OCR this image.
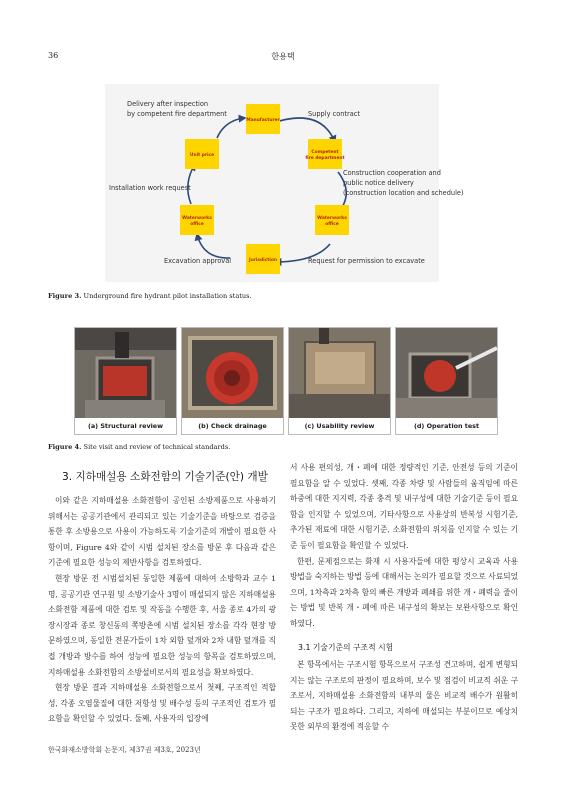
36	한용택
Manufacturer
Unit price
Competent
fire department
Waterworks
office
Waterworks
office
Jurisdiction
Delivery after inspection
by competent fire department	Supply contract
Construction cooperation and
public notice delivery
(construction location and schedule)
Installation work request
Excavation approval	Request for permission to excavate
Figure 3. Underground fire hydrant pilot installation status.
(a) Structural review	(b) Check drainage	(c) Usability review	(d) Operation test
Figure 4. Site visit and review of technical standards.
3. 지하매설용 소화전함의 기술기준(안) 개발

이와 같은 지하매설용 소화전함이 공인된 소방제품으로 사용하기 위해서는 공공기관에서 관리되고 있는 기술기준을 바탕으로 검증을 통한 후 소방용으로 사용이 가능하도록 기술기준의 개발이 필요한 사항이며, Figure 4와 같이 시범 설치된 장소를 방문 후 다음과 같은 기준에 필요한 성능의 제반사항을 검토하였다.

현장 방문 전 시범설치된 동일한 제품에 대하여 소방학과 교수 1명, 공공기관 연구원 및 소방기술사 3명이 매설되지 않은 지하매설용 소화전함 제품에 대한 검토 및 작동을 수행한 후, 서울 종로 4가의 광장시장과 종로 창신동의 쪽방촌에 시범 설치된 장소를 각각 현장 방문하였으며, 동일한 전문가들이 1차 외함 덮개와 2차 내함 덮개를 직접 개방과 방수를 하여 성능에 필요한 성능의 항목을 검토하였으며, 지하매설용 소화전함의 소방설비로서의 필요성을 확보하였다.

현장 방문 결과 지하매설용 소화전함으로서 첫째, 구조적인 적합성, 각종 오염물질에 대한 저항성 및 배수성 등의 구조적인 검토가 필요함을 확인할 수 있었다. 둘째, 사용자의 입장에

서 사용 편의성, 개・폐에 대한 정량적인 기준, 안전성 등의 기준이 필요함을 알 수 있었다. 셋째, 각종 차량 및 사람들의 움직임에 따른 하중에 대한 지지력, 각종 충격 및 내구성에 대한 기술기준 등이 필요함을 인지할 수 있었으며, 기타사항으로 사용상의 반복성 시험기준, 추가된 재료에 대한 시험기준, 소화전함의 위치를 인지할 수 있는 기준 등이 필요함을 확인할 수 있었다.

한편, 문제점으로는 화재 시 사용자들에 대한 평상시 교육과 사용방법을 숙지하는 방법 등에 대해서는 논의가 필요할 것으로 사료되었으며, 1차측과 2차측 함의 빠른 개방과 폐쇄를 위한 개・폐력을 줄이는 방법 및 반복 개・폐에 따른 내구성의 확보는 보완사항으로 확인하였다.

3.1 기술기준의 구조적 시험

본 항목에서는 구조시험 항목으로서 구조성 견고하며, 쉽게 변형되지는 않는 구조로의 판정이 필요하며, 보수 및 점검이 비교적 쉬운 구조로서, 지하매설용 소화전함의 내부의 물은 비교적 배수가 원활히 되는 구조가 필요하다. 그리고, 지하에 매설되는 부분이므로 예상치 못한 외부의 환경에 적응할 수

한국화재소방학회 논문지, 제37권 제3호, 2023년
